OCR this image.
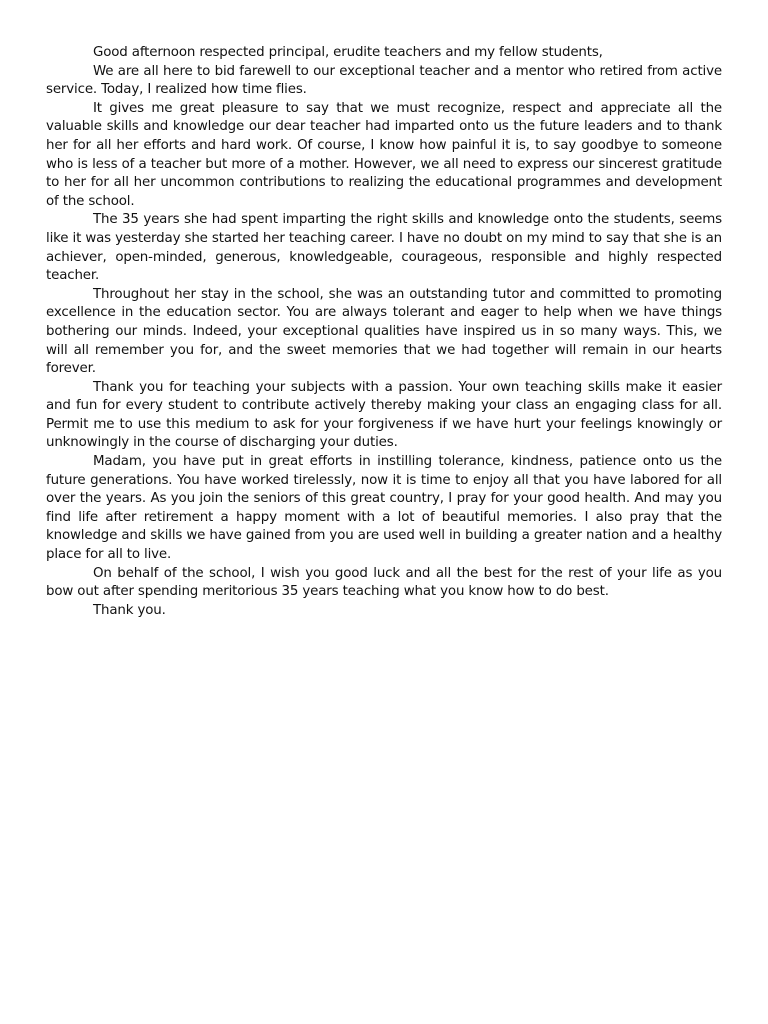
Good afternoon respected principal, erudite teachers and my fellow students,

We are all here to bid farewell to our exceptional teacher and a mentor who retired from active service. Today, I realized how time flies.

It gives me great pleasure to say that we must recognize, respect and appreciate all the valuable skills and knowledge our dear teacher had imparted onto us the future leaders and to thank her for all her efforts and hard work. Of course, I know how painful it is, to say goodbye to someone who is less of a teacher but more of a mother. However, we all need to express our sincerest gratitude to her for all her uncommon contributions to realizing the educational programmes and development of the school.

The 35 years she had spent imparting the right skills and knowledge onto the students, seems like it was yesterday she started her teaching career. I have no doubt on my mind to say that she is an achiever, open-minded, generous, knowledgeable, courageous, responsible and highly respected teacher.

Throughout her stay in the school, she was an outstanding tutor and committed to promoting excellence in the education sector. You are always tolerant and eager to help when we have things bothering our minds. Indeed, your exceptional qualities have inspired us in so many ways. This, we will all remember you for, and the sweet memories that we had together will remain in our hearts forever.

Thank you for teaching your subjects with a passion. Your own teaching skills make it easier and fun for every student to contribute actively thereby making your class an engaging class for all. Permit me to use this medium to ask for your forgiveness if we have hurt your feelings knowingly or unknowingly in the course of discharging your duties.

Madam, you have put in great efforts in instilling tolerance, kindness, patience onto us the future generations. You have worked tirelessly, now it is time to enjoy all that you have labored for all over the years. As you join the seniors of this great country, I pray for your good health. And may you find life after retirement a happy moment with a lot of beautiful memories. I also pray that the knowledge and skills we have gained from you are used well in building a greater nation and a healthy place for all to live.

On behalf of the school, I wish you good luck and all the best for the rest of your life as you bow out after spending meritorious 35 years teaching what you know how to do best.

Thank you.
